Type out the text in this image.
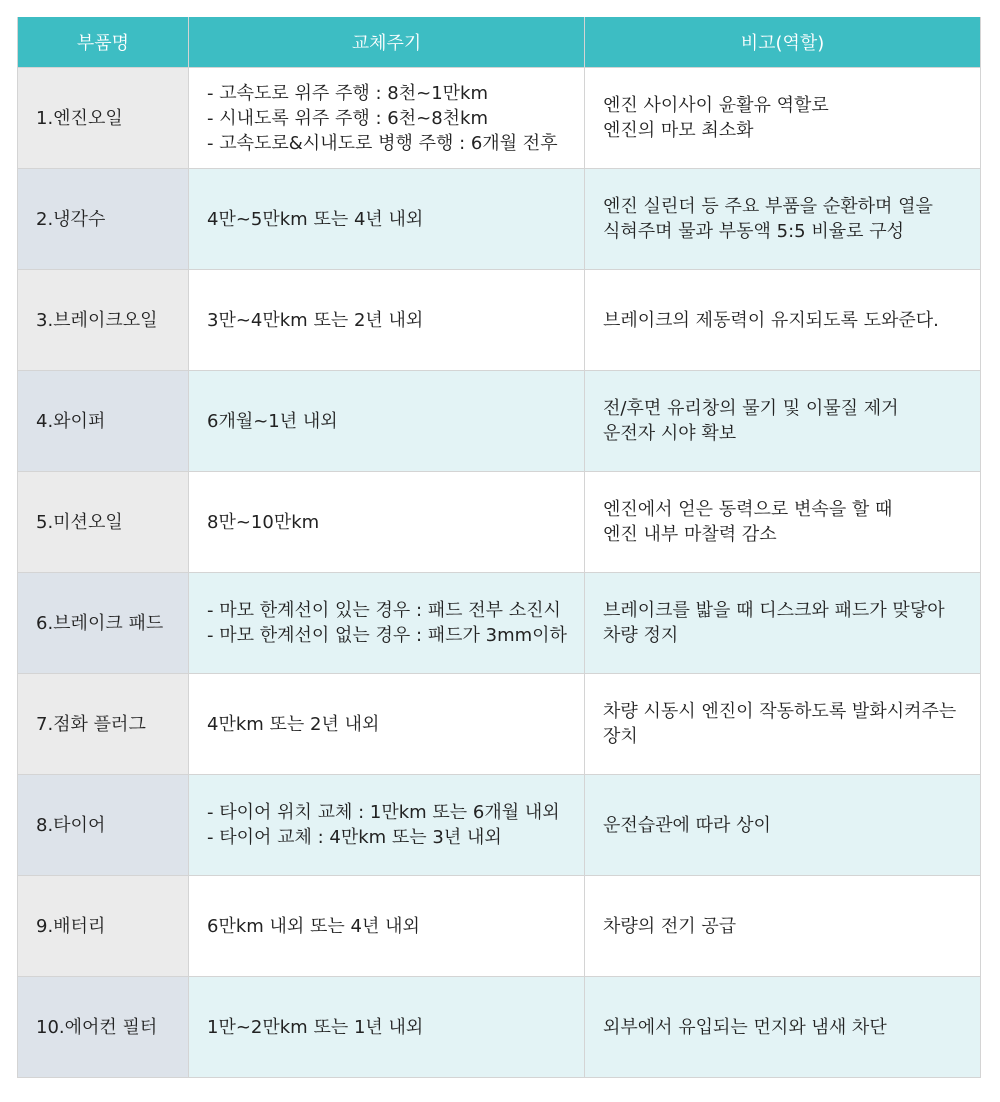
부품명	교체주기	비고(역할)
1.엔진오일	- 고속도로 위주 주행 : 8천~1만km
- 시내도록 위주 주행 : 6천~8천km
- 고속도로&시내도로 병행 주행 : 6개월 전후	엔진 사이사이 윤활유 역할로
엔진의 마모 최소화

2.냉각수	4만~5만km 또는 4년 내외	엔진 실린더 등 주요 부품을 순환하며 열을
식혀주며 물과 부동액 5:5 비율로 구성

3.브레이크오일	3만~4만km 또는 2년 내외	브레이크의 제동력이 유지되도록 도와준다.

4.와이퍼	6개월~1년 내외	전/후면 유리창의 물기 및 이물질 제거
운전자 시야 확보

5.미션오일	8만~10만km	엔진에서 얻은 동력으로 변속을 할 때
엔진 내부 마찰력 감소

6.브레이크 패드	- 마모 한계선이 있는 경우 : 패드 전부 소진시
- 마모 한계선이 없는 경우 : 패드가 3mm이하	브레이크를 밟을 때 디스크와 패드가 맞닿아
차량 정지

7.점화 플러그	4만km 또는 2년 내외	차량 시동시 엔진이 작동하도록 발화시켜주는
장치

8.타이어	- 타이어 위치 교체 : 1만km 또는 6개월 내외
- 타이어 교체 : 4만km 또는 3년 내외	운전습관에 따라 상이

9.배터리	6만km 내외 또는 4년 내외	차량의 전기 공급

10.에어컨 필터	1만~2만km 또는 1년 내외	외부에서 유입되는 먼지와 냄새 차단
